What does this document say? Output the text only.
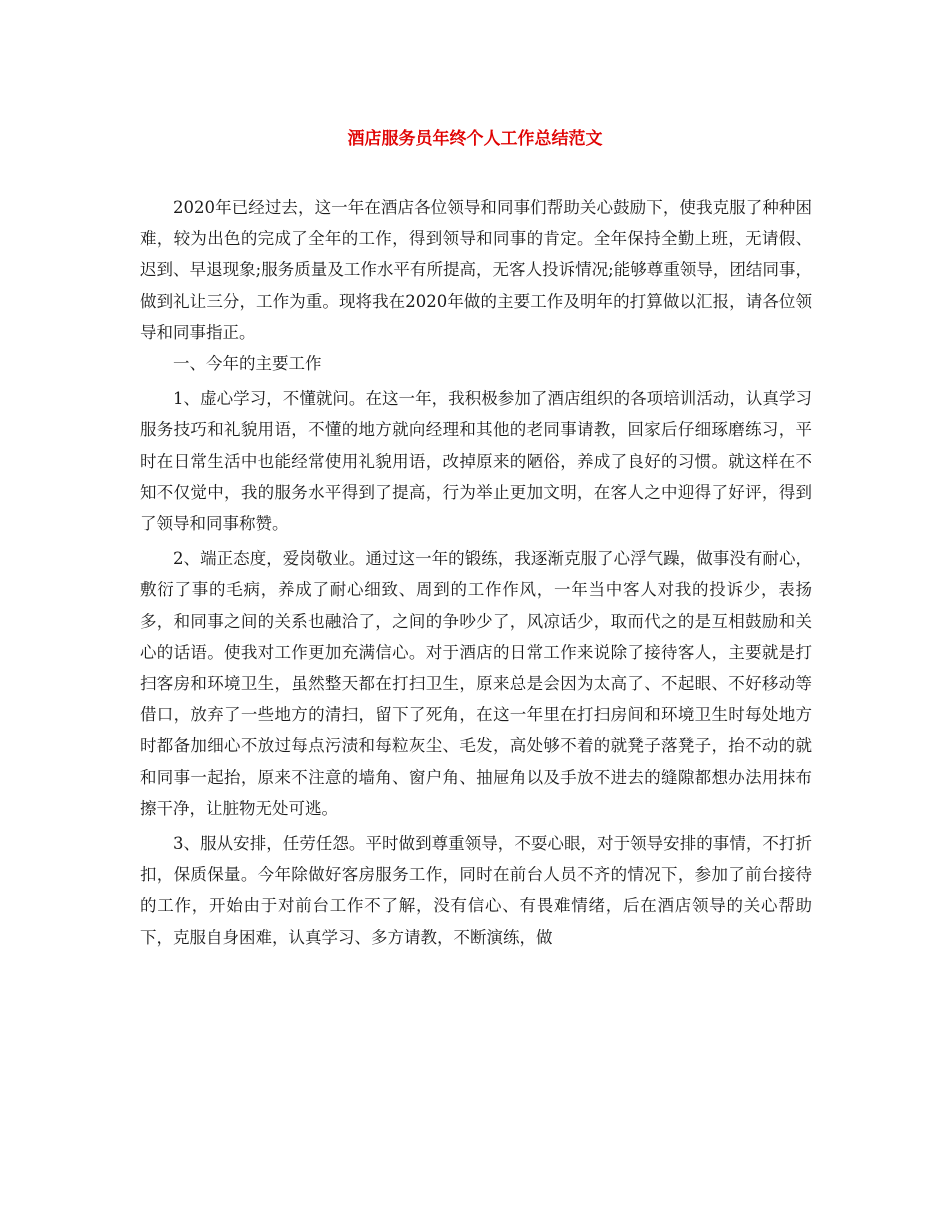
酒店服务员年终个人工作总结范文

2020年已经过去，这一年在酒店各位领导和同事们帮助关心鼓励下，使我克服了种种困难，较为出色的完成了全年的工作，得到领导和同事的肯定。全年保持全勤上班，无请假、迟到、早退现象;服务质量及工作水平有所提高，无客人投诉情况;能够尊重领导，团结同事，做到礼让三分，工作为重。现将我在2020年做的主要工作及明年的打算做以汇报，请各位领导和同事指正。

一、今年的主要工作

1、虚心学习，不懂就问。在这一年，我积极参加了酒店组织的各项培训活动，认真学习服务技巧和礼貌用语，不懂的地方就向经理和其他的老同事请教，回家后仔细琢磨练习，平时在日常生活中也能经常使用礼貌用语，改掉原来的陋俗，养成了良好的习惯。就这样在不知不仅觉中，我的服务水平得到了提高，行为举止更加文明，在客人之中迎得了好评，得到了领导和同事称赞。

2、端正态度，爱岗敬业。通过这一年的锻练，我逐渐克服了心浮气躁，做事没有耐心，敷衍了事的毛病，养成了耐心细致、周到的工作作风，一年当中客人对我的投诉少，表扬多，和同事之间的关系也融洽了，之间的争吵少了，风凉话少，取而代之的是互相鼓励和关心的话语。使我对工作更加充满信心。对于酒店的日常工作来说除了接待客人，主要就是打扫客房和环境卫生，虽然整天都在打扫卫生，原来总是会因为太高了、不起眼、不好移动等借口，放弃了一些地方的清扫，留下了死角，在这一年里在打扫房间和环境卫生时每处地方时都备加细心不放过每点污渍和每粒灰尘、毛发，高处够不着的就凳子落凳子，抬不动的就和同事一起抬，原来不注意的墙角、窗户角、抽屉角以及手放不进去的缝隙都想办法用抹布擦干净，让脏物无处可逃。

3、服从安排，任劳任怨。平时做到尊重领导，不耍心眼，对于领导安排的事情，不打折扣，保质保量。今年除做好客房服务工作，同时在前台人员不齐的情况下，参加了前台接待的工作，开始由于对前台工作不了解，没有信心、有畏难情绪，后在酒店领导的关心帮助下，克服自身困难，认真学习、多方请教，不断演练，做
